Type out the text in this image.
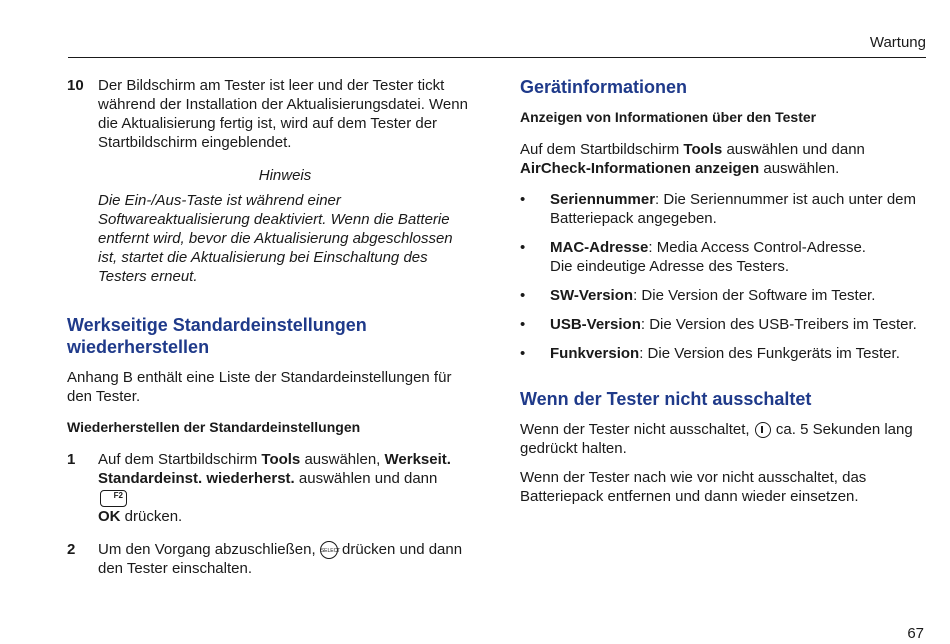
Wartung
10 Der Bildschirm am Tester ist leer und der Tester tickt während der Installation der Aktualisierungsdatei. Wenn die Aktualisierung fertig ist, wird auf dem Tester der Startbildschirm eingeblendet.
Hinweis
Die Ein-/Aus-Taste ist während einer Softwareaktualisierung deaktiviert. Wenn die Batterie entfernt wird, bevor die Aktualisierung abgeschlossen ist, startet die Aktualisierung bei Einschaltung des Testers erneut.
Werkseitige Standardeinstellungen
wiederherstellen
Anhang B enthält eine Liste der Standardeinstellungen für den Tester.
Wiederherstellen der Standardeinstellungen
1	Auf dem Startbildschirm Tools auswählen, Werkseit. Standardeinst. wiederherst. auswählen und dann
F2

OK drücken.
2	Um den Vorgang abzuschließen, SELECT drücken und dann den Tester einschalten.
Gerätinformationen
Anzeigen von Informationen über den Tester
Auf dem Startbildschirm Tools auswählen und dann
AirCheck-Informationen anzeigen auswählen.
•	Seriennummer: Die Seriennummer ist auch unter dem Batteriepack angegeben.
•	MAC-Adresse: Media Access Control-Adresse.
Die eindeutige Adresse des Testers.
•	SW-Version: Die Version der Software im Tester.
•	USB-Version: Die Version des USB-Treibers im Tester.
•	Funkversion: Die Version des Funkgeräts im Tester.
Wenn der Tester nicht ausschaltet
Wenn der Tester nicht ausschaltet,  ca. 5 Sekunden lang gedrückt halten.
Wenn der Tester nach wie vor nicht ausschaltet, das Batteriepack entfernen und dann wieder einsetzen.
67
